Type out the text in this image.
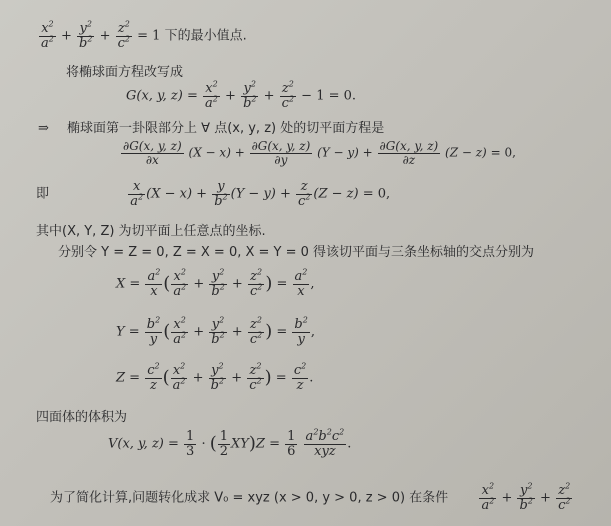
$\frac{x^2}{a^2} + \frac{y^2}{b^2} + \frac{z^2}{c^2} = 1$ 下的最小值点.
将椭球面方程改写成
G(x, y, $z) = \frac{x^2}{a^2} + \frac{y^2}{b^2} + \frac{z^2}{c^2} - 1 = 0$.
⇒ 椭球面第一卦限部分上 ∀ 点(x, y, z) 处的切平面方程是
$\frac{\partial G(x, y, z)}{\partial x} (X - x) + \frac{\partial G(x, y, z)}{\partial y} (Y - y) + \frac{\partial G(x, y, z)}{\partial z} (Z - z) = 0$,
即	$\frac{x}{a^2} (X - x) + \frac{y}{b^2} (Y - y) + \frac{z}{c^2} (Z - z) = 0$,
其中(X, Y, Z) 为切平面上任意点的坐标.
分别令 Y = Z = 0, Z = X = 0, X = Y = 0 得该切平面与三条坐标轴的交点分别为
$X = \frac{a^2}{x}$ ( $\frac{x^2}{a^2} + \frac{y^2}{b^2} + \frac{z^2}{c^2}$ ) = $\frac{a^2}{x}$ ,
$Y = \frac{b^2}{y}$ ( $\frac{x^2}{a^2} + \frac{y^2}{b^2} + \frac{z^2}{c^2}$ ) = $\frac{b^2}{y}$ ,
$Z = \frac{c^2}{z}$ ( $\frac{x^2}{a^2} + \frac{y^2}{b^2} + \frac{z^2}{c^2}$ ) = $\frac{c^2}{z}$ .
四面体的体积为
V(x, y, $z) = \frac{1}{3}$ · ( $\frac{1}{2} XY)Z = \frac{1}{6}$
$\frac{a^2b^2c^2}{\text{xyz}}$ .
为了简化计算,问题转化成求 V₀ = xyz (x > 0, y > 0, z > 0) 在条件 $\frac{x^2}{a^2} + \frac{y^2}{b^2} + \frac{z^2}{c^2}$
